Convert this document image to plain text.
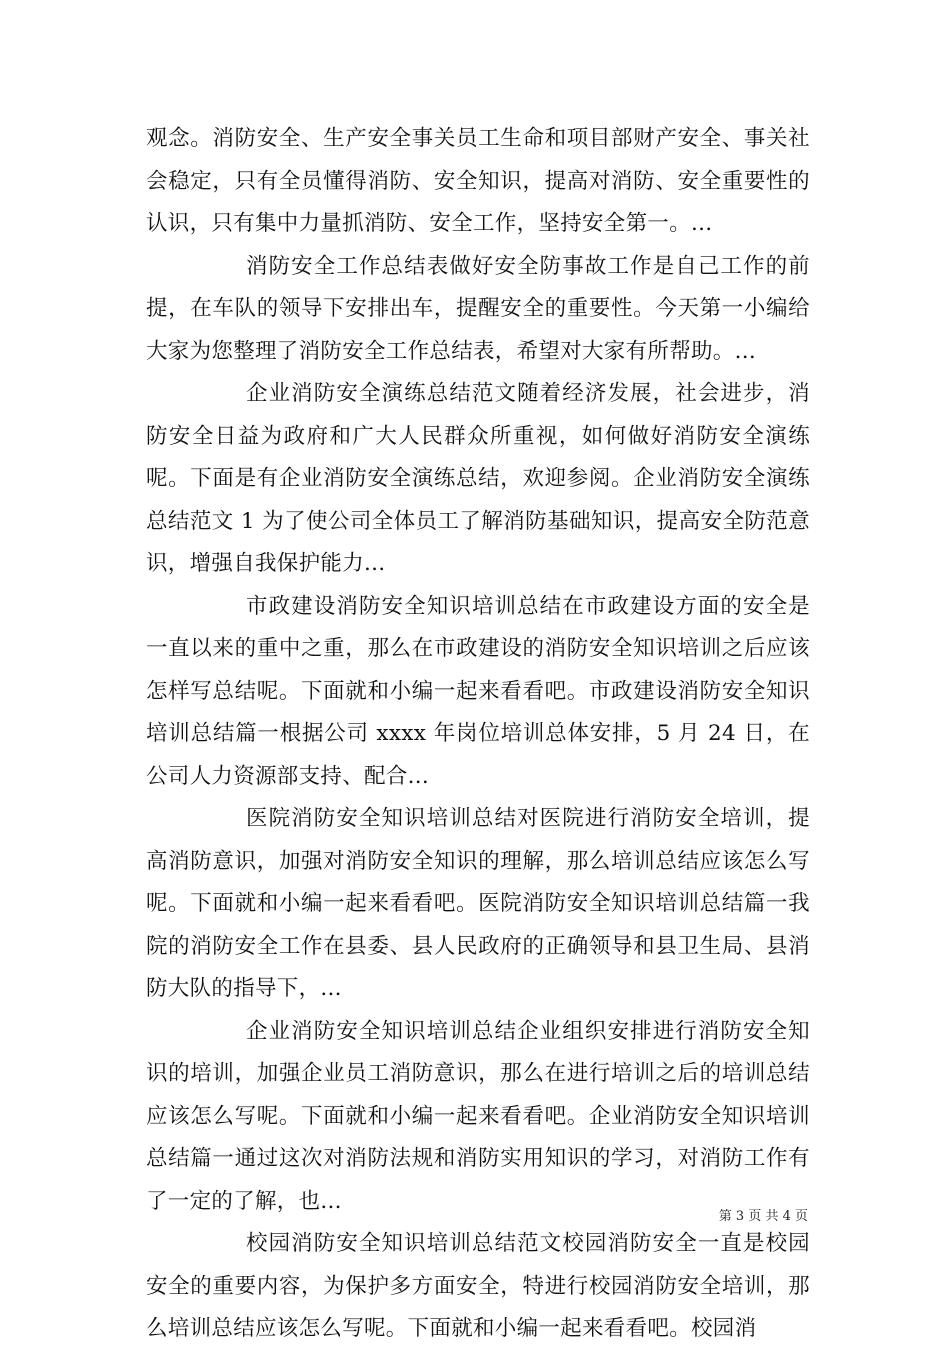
观念。消防安全、生产安全事关员工生命和项目部财产安全、事关社会稳定，只有全员懂得消防、安全知识，提高对消防、安全重要性的认识，只有集中力量抓消防、安全工作，坚持安全第一。...

消防安全工作总结表做好安全防事故工作是自己工作的前提，在车队的领导下安排出车，提醒安全的重要性。今天第一小编给大家为您整理了消防安全工作总结表，希望对大家有所帮助。...

企业消防安全演练总结范文随着经济发展，社会进步，消防安全日益为政府和广大人民群众所重视，如何做好消防安全演练呢。下面是有企业消防安全演练总结，欢迎参阅。企业消防安全演练总结范文 1 为了使公司全体员工了解消防基础知识，提高安全防范意识，增强自我保护能力...

市政建设消防安全知识培训总结在市政建设方面的安全是一直以来的重中之重，那么在市政建设的消防安全知识培训之后应该怎样写总结呢。下面就和小编一起来看看吧。市政建设消防安全知识培训总结篇一根据公司 xxxx 年岗位培训总体安排，5 月 24 日，在公司人力资源部支持、配合...

医院消防安全知识培训总结对医院进行消防安全培训，提高消防意识，加强对消防安全知识的理解，那么培训总结应该怎么写呢。下面就和小编一起来看看吧。医院消防安全知识培训总结篇一我院的消防安全工作在县委、县人民政府的正确领导和县卫生局、县消防大队的指导下，...

企业消防安全知识培训总结企业组织安排进行消防安全知识的培训，加强企业员工消防意识，那么在进行培训之后的培训总结应该怎么写呢。下面就和小编一起来看看吧。企业消防安全知识培训总结篇一通过这次对消防法规和消防实用知识的学习，对消防工作有了一定的了解，也...

校园消防安全知识培训总结范文校园消防安全一直是校园安全的重要内容，为保护多方面安全，特进行校园消防安全培训，那么培训总结应该怎么写呢。下面就和小编一起来看看吧。校园消

第 3 页 共 4 页
